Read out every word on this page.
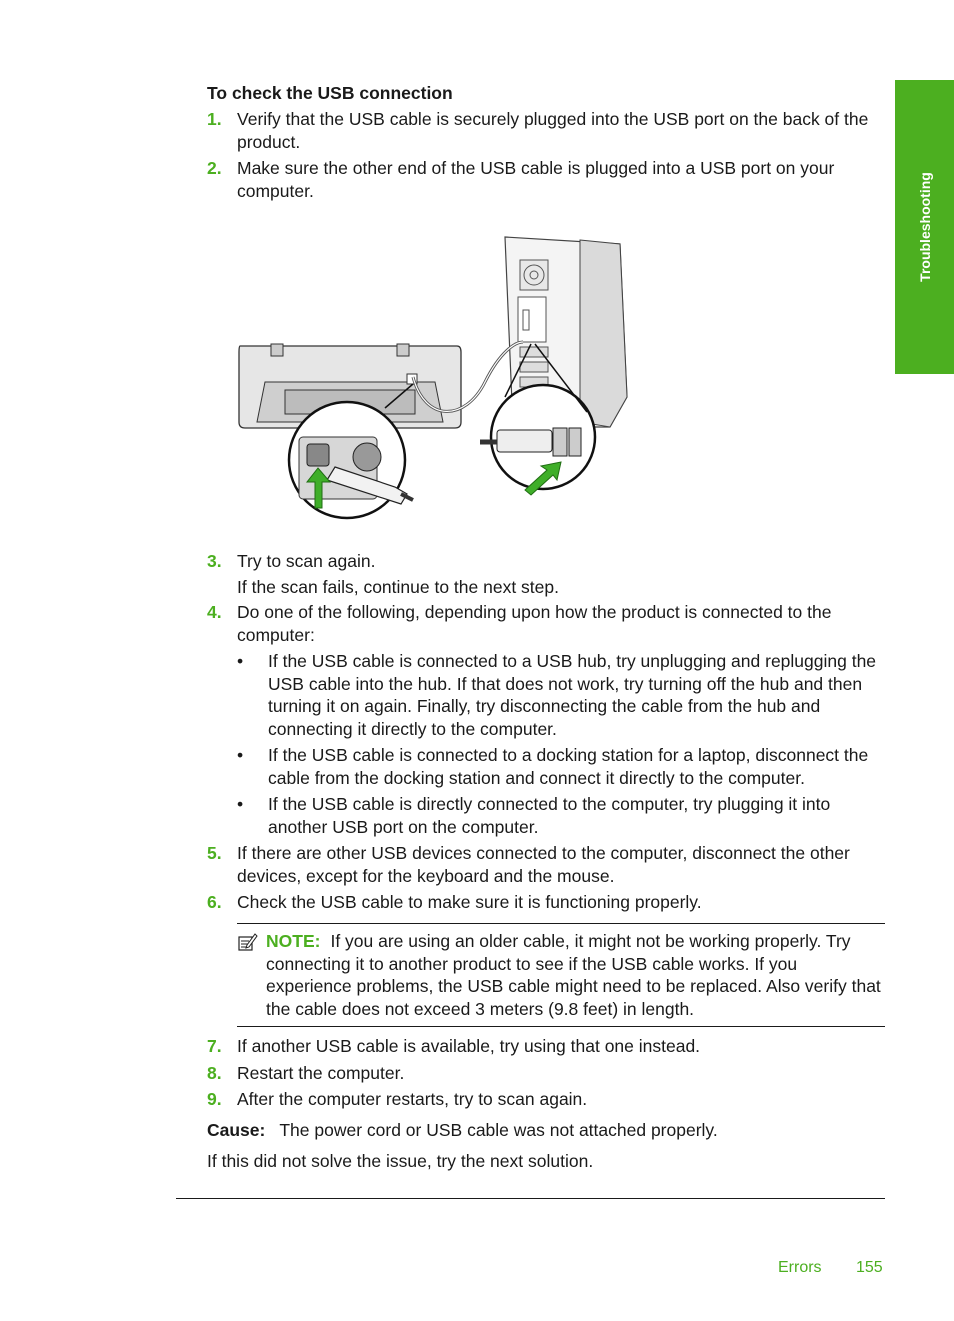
Troubleshooting
To check the USB connection
1. Verify that the USB cable is securely plugged into the USB port on the back of the product.
2. Make sure the other end of the USB cable is plugged into a USB port on your computer.
3. Try to scan again.
If the scan fails, continue to the next step.
4. Do one of the following, depending upon how the product is connected to the computer:
• If the USB cable is connected to a USB hub, try unplugging and replugging the USB cable into the hub. If that does not work, try turning off the hub and then turning it on again. Finally, try disconnecting the cable from the hub and connecting it directly to the computer.
• If the USB cable is connected to a docking station for a laptop, disconnect the cable from the docking station and connect it directly to the computer.
• If the USB cable is directly connected to the computer, try plugging it into another USB port on the computer.
5. If there are other USB devices connected to the computer, disconnect the other devices, except for the keyboard and the mouse.
6. Check the USB cable to make sure it is functioning properly.
NOTE: If you are using an older cable, it might not be working properly. Try connecting it to another product to see if the USB cable works. If you experience problems, the USB cable might need to be replaced. Also verify that the cable does not exceed 3 meters (9.8 feet) in length.
7. If another USB cable is available, try using that one instead.
8. Restart the computer.
9. After the computer restarts, try to scan again.
Cause: The power cord or USB cable was not attached properly.
If this did not solve the issue, try the next solution.
Errors 155
